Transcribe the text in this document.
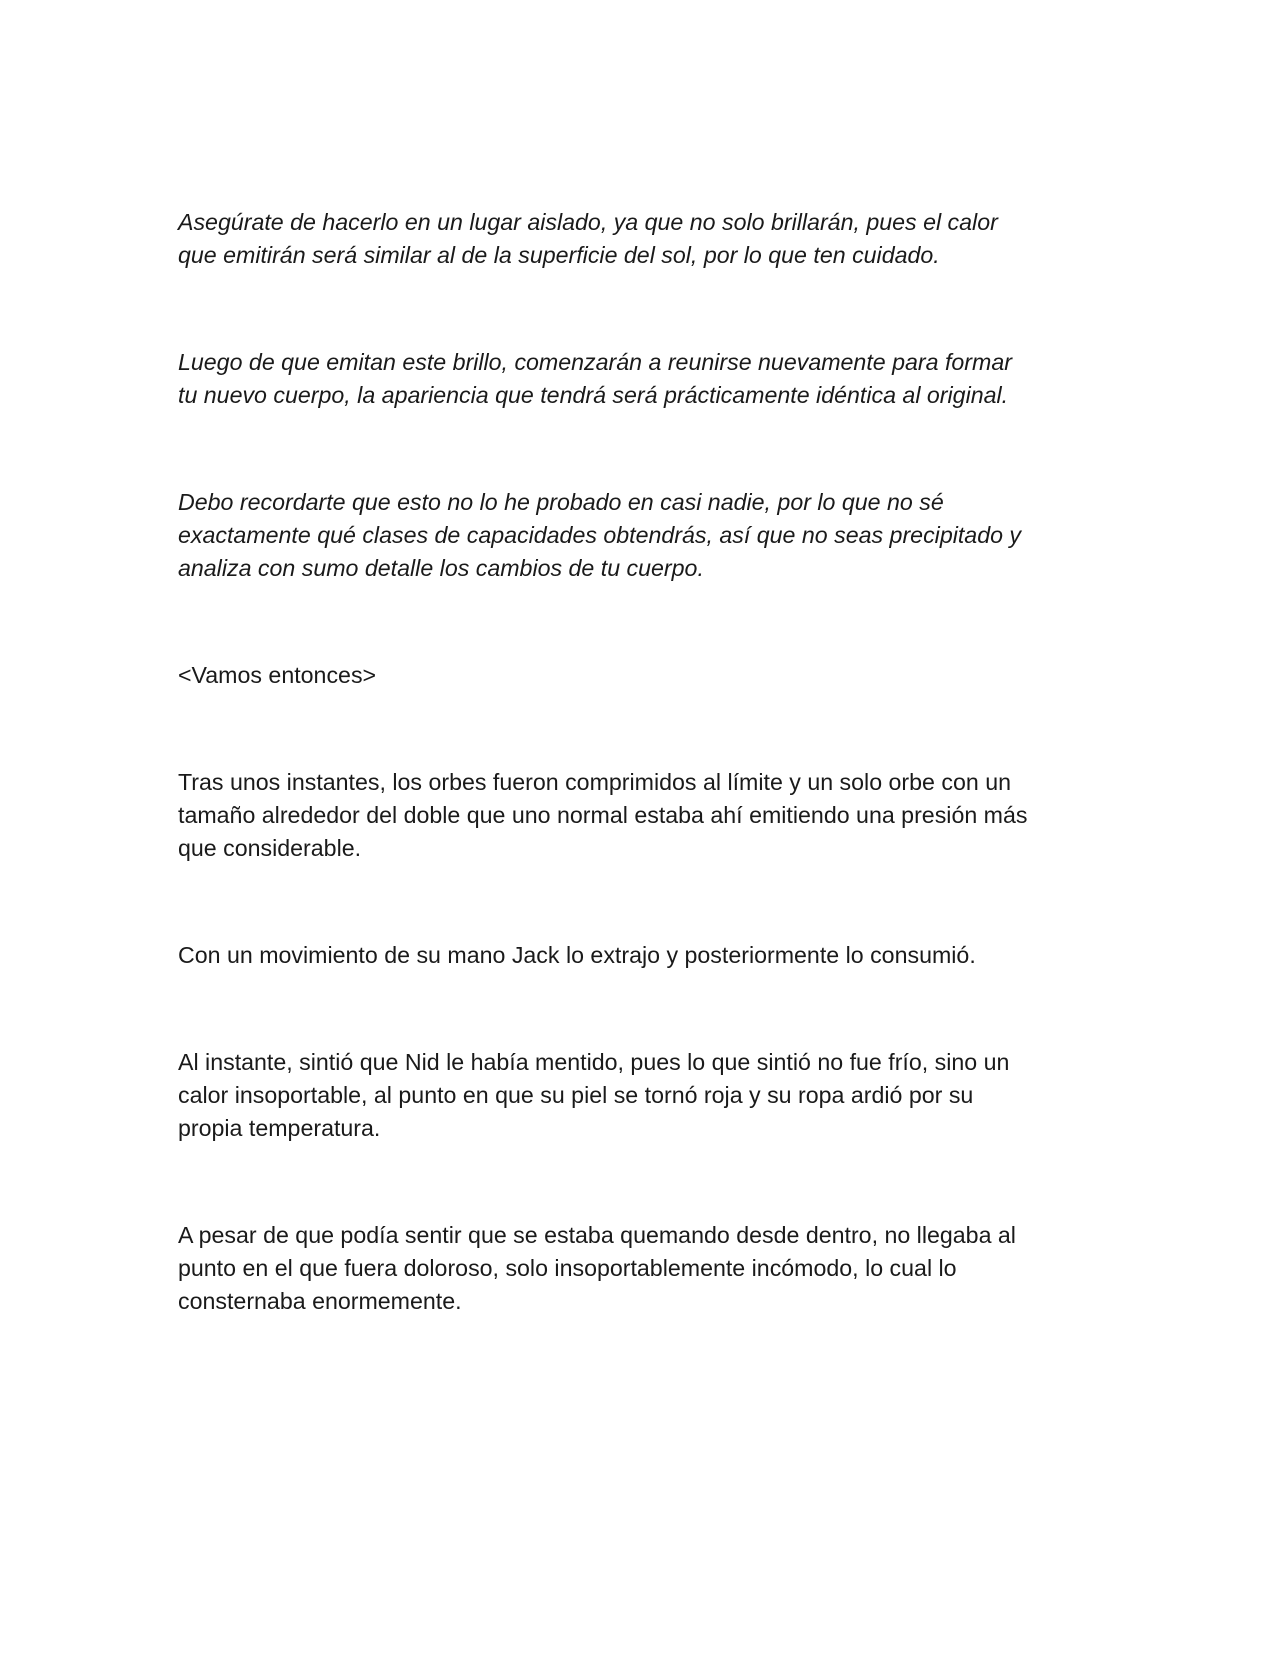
Asegúrate de hacerlo en un lugar aislado, ya que no solo brillarán, pues el calor
que emitirán será similar al de la superficie del sol, por lo que ten cuidado.

Luego de que emitan este brillo, comenzarán a reunirse nuevamente para formar
tu nuevo cuerpo, la apariencia que tendrá será prácticamente idéntica al original.

Debo recordarte que esto no lo he probado en casi nadie, por lo que no sé
exactamente qué clases de capacidades obtendrás, así que no seas precipitado y
analiza con sumo detalle los cambios de tu cuerpo.

<Vamos entonces>

Tras unos instantes, los orbes fueron comprimidos al límite y un solo orbe con un
tamaño alrededor del doble que uno normal estaba ahí emitiendo una presión más
que considerable.

Con un movimiento de su mano Jack lo extrajo y posteriormente lo consumió.

Al instante, sintió que Nid le había mentido, pues lo que sintió no fue frío, sino un
calor insoportable, al punto en que su piel se tornó roja y su ropa ardió por su
propia temperatura.

A pesar de que podía sentir que se estaba quemando desde dentro, no llegaba al
punto en el que fuera doloroso, solo insoportablemente incómodo, lo cual lo
consternaba enormemente.
